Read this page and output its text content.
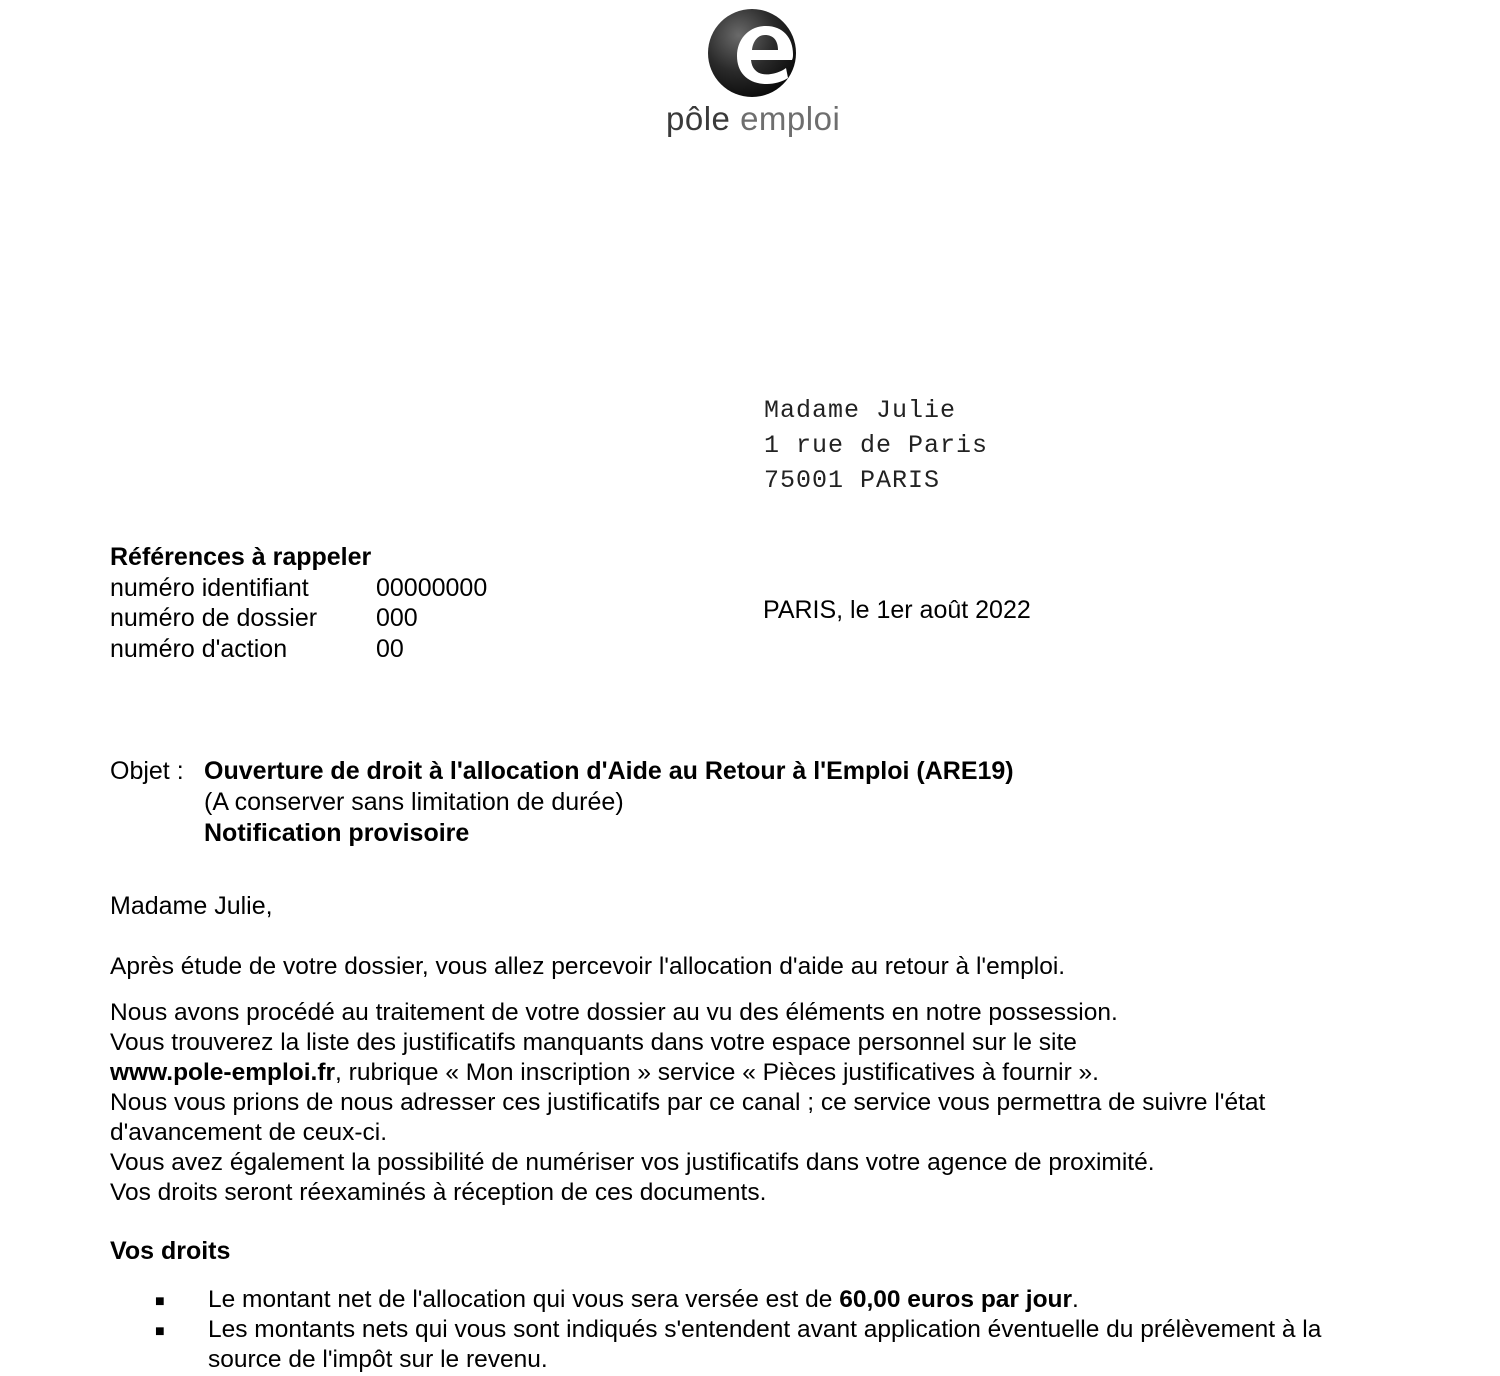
pôle emploi
Madame Julie
1 rue de Paris
75001 PARIS
Références à rappeler
numéro identifiant	00000000
numéro de dossier	000
numéro d'action	00
PARIS, le 1er août 2022
Objet : Ouverture de droit à l'allocation d'Aide au Retour à l'Emploi (ARE19)
(A conserver sans limitation de durée)
Notification provisoire
Madame Julie,
Après étude de votre dossier, vous allez percevoir l'allocation d'aide au retour à l'emploi.
Nous avons procédé au traitement de votre dossier au vu des éléments en notre possession.
Vous trouverez la liste des justificatifs manquants dans votre espace personnel sur le site
www.pole-emploi.fr, rubrique « Mon inscription » service « Pièces justificatives à fournir ».
Nous vous prions de nous adresser ces justificatifs par ce canal ; ce service vous permettra de suivre l'état d'avancement de ceux-ci.
Vous avez également la possibilité de numériser vos justificatifs dans votre agence de proximité.
Vos droits seront réexaminés à réception de ces documents.
Vos droits
■ Le montant net de l'allocation qui vous sera versée est de 60,00 euros par jour.
■ Les montants nets qui vous sont indiqués s'entendent avant application éventuelle du prélèvement à la source de l'impôt sur le revenu.
